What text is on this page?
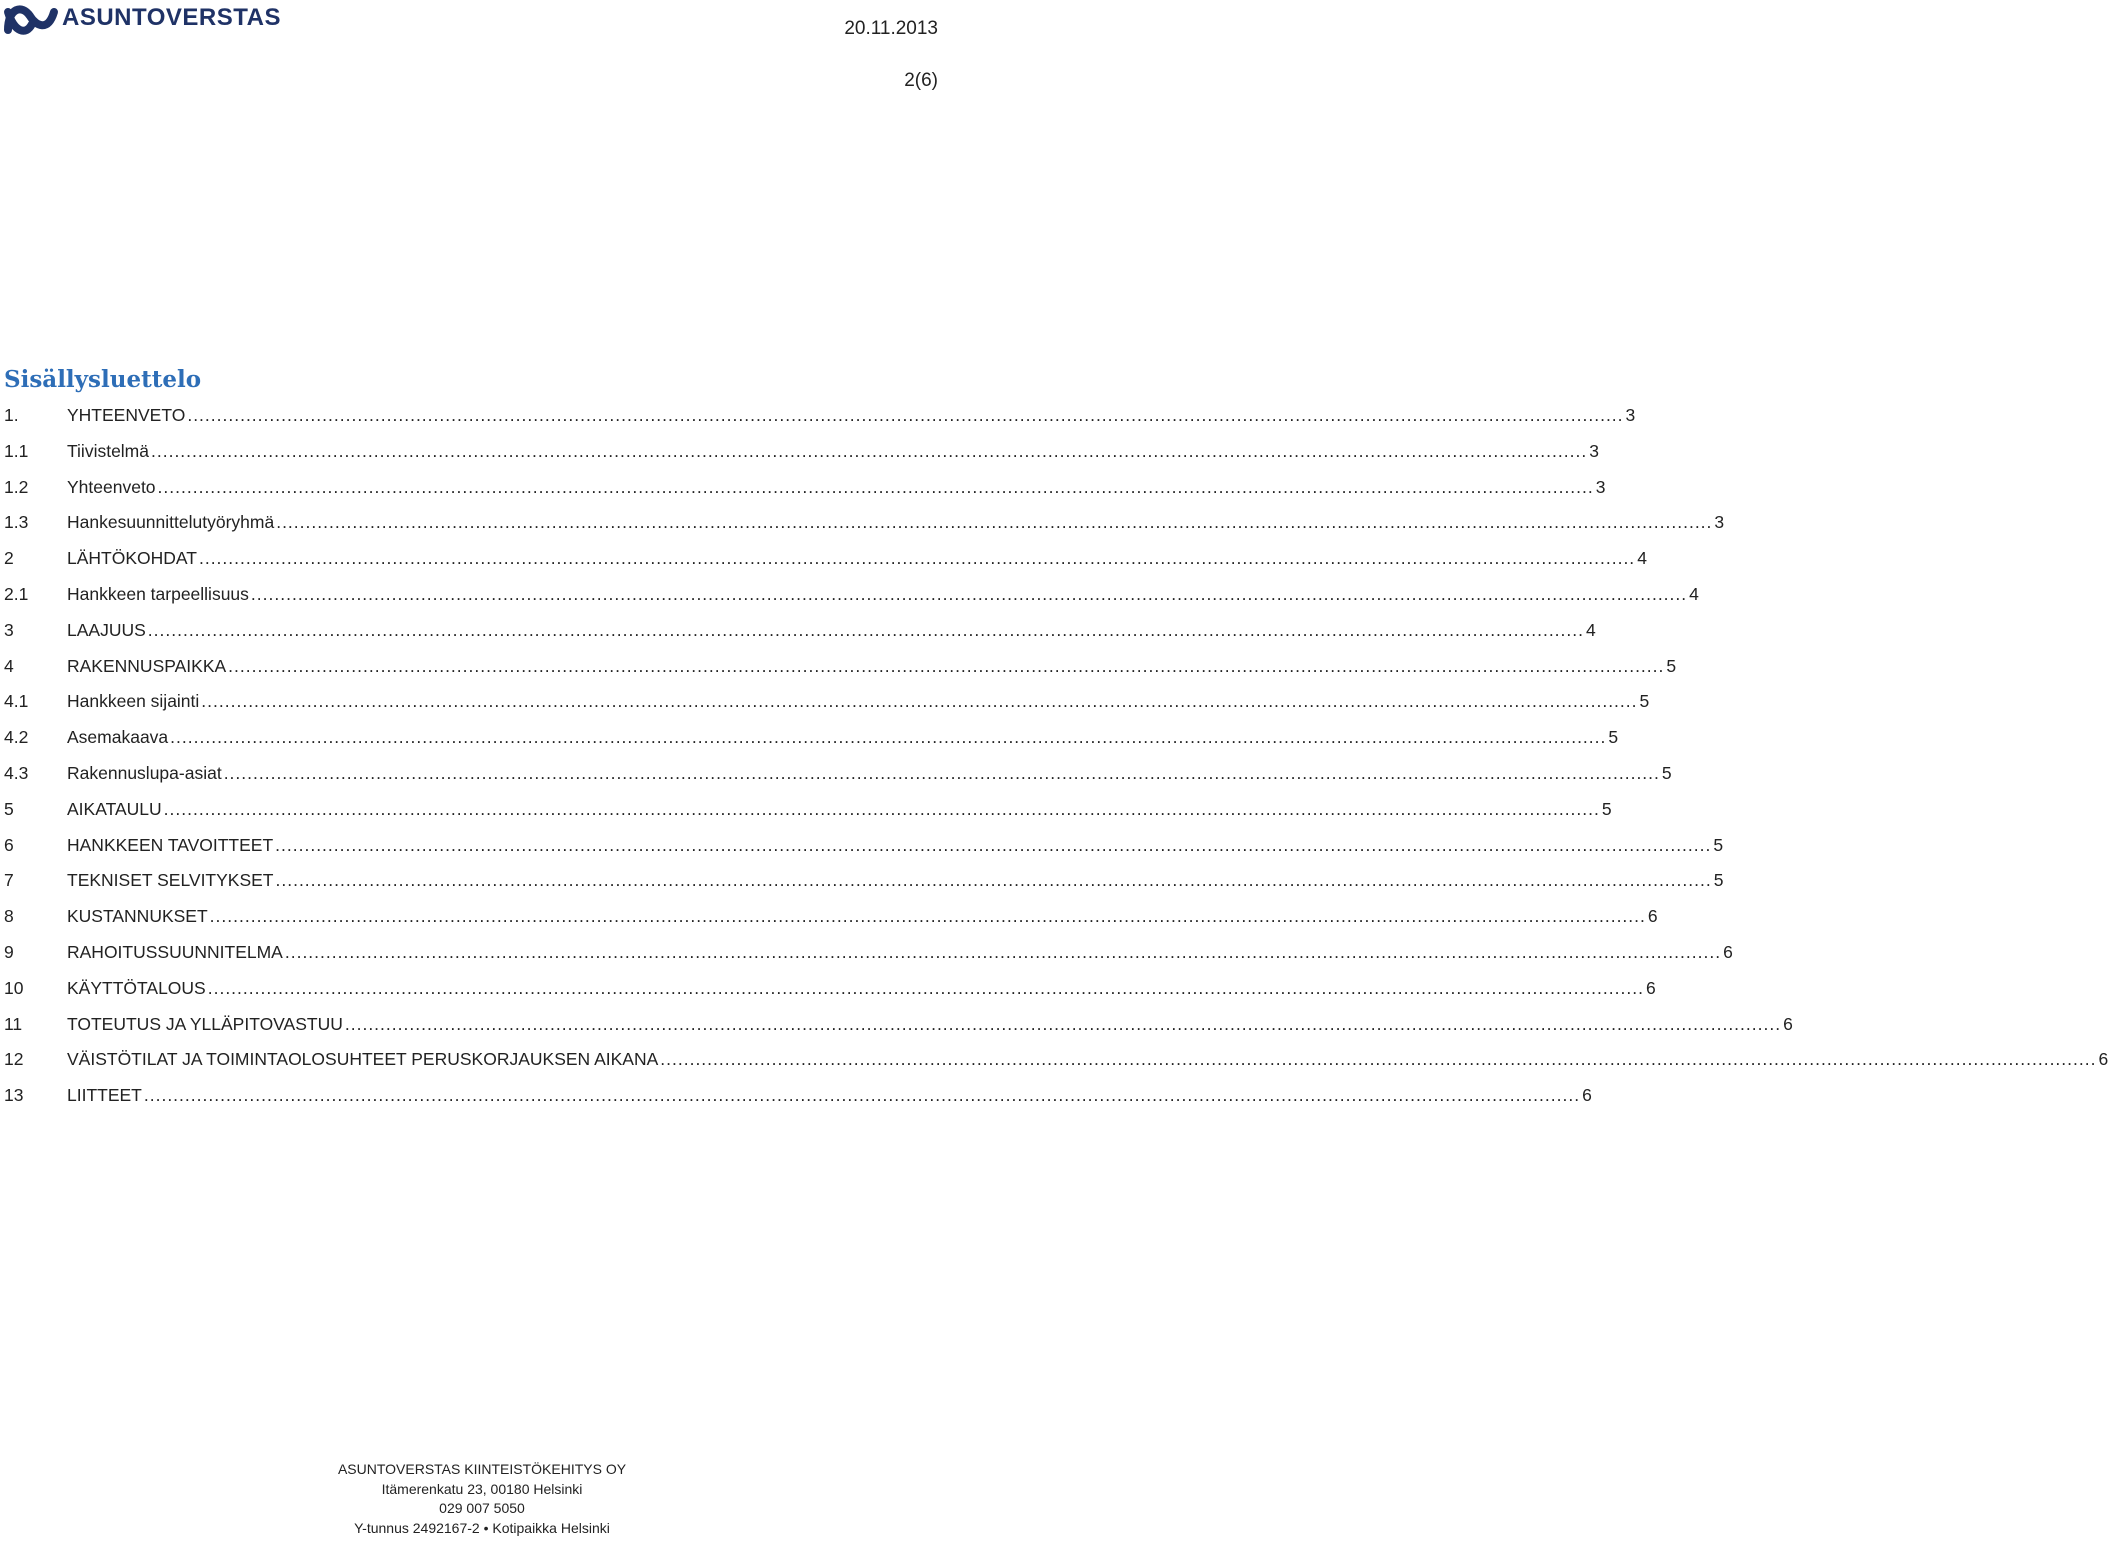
ASUNTOVERSTAS	20.11.2013
2(6)
Sisällysluettelo
1.	YHTEENVETO .....	3
1.1	Tiivistelmä .....	3
1.2	Yhteenveto .....	3
1.3	Hankesuunnittelutyöryhmä .....	3
2	LÄHTÖKOHDAT .....	4
2.1	Hankkeen tarpeellisuus .....	4
3	LAAJUUS .....	4
4	RAKENNUSPAIKKA .....	5
4.1	Hankkeen sijainti .....	5
4.2	Asemakaava .....	5
4.3	Rakennuslupa-asiat .....	5
5	AIKATAULU .....	5
6	HANKKEEN TAVOITTEET .....	5
7	TEKNISET SELVITYKSET .....	5
8	KUSTANNUKSET .....	6
9	RAHOITUSSUUNNITELMA .....	6
10	KÄYTTÖTALOUS .....	6
11	TOTEUTUS JA YLLÄPITOVASTUU .....	6
12	VÄISTÖTILAT JA TOIMINTAOLOSUHTEET PERUSKORJAUKSEN AIKANA .....	6
13	LIITTEET .....	6
ASUNTOVERSTAS KIINTEISTÖKEHITYS OY
Itämerenkatu 23, 00180 Helsinki
029 007 5050
Y-tunnus 2492167-2 • Kotipaikka Helsinki
